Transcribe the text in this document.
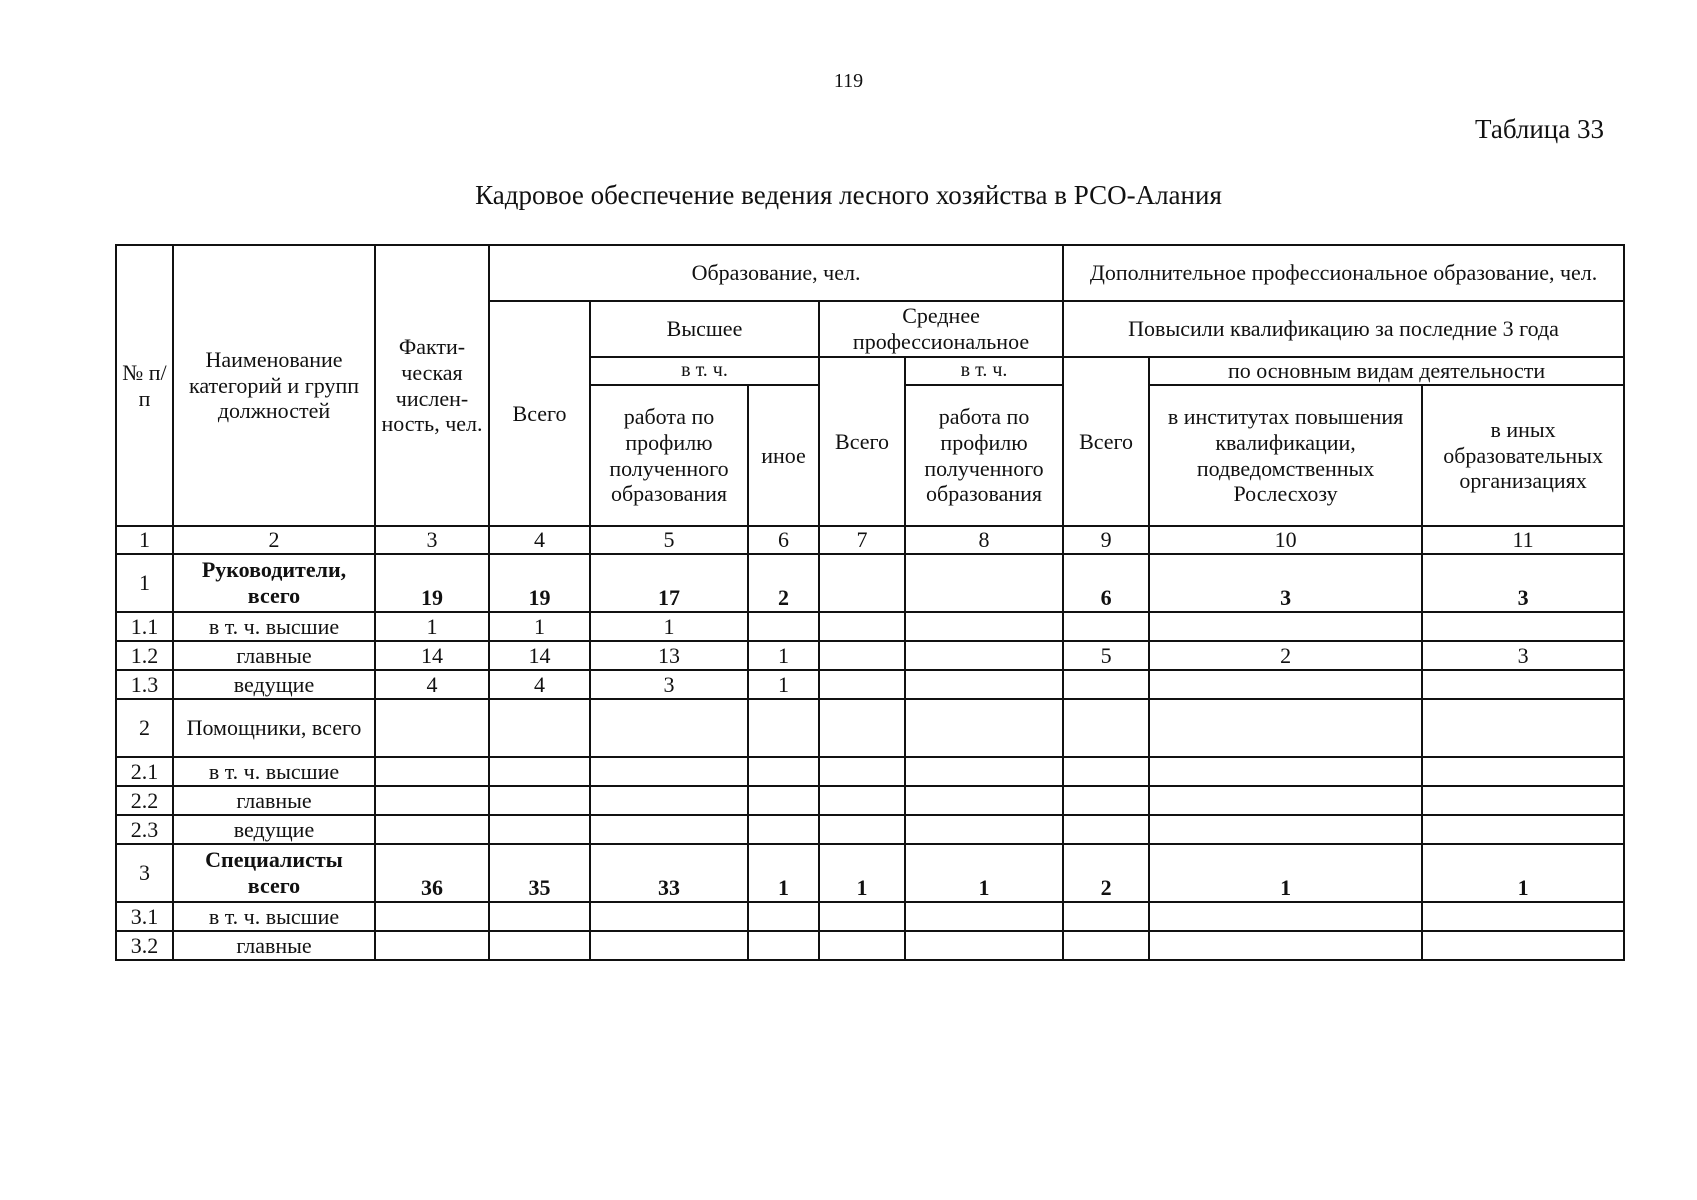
119
Таблица 33
Кадровое обеспечение ведения лесного хозяйства в РСО-Алания
№ п/п	Наименование категорий и групп должностей	Факти-ческая числен-ность, чел.	Образование, чел.					Дополнительное профессиональное образование, чел.		
			Всего	Высшее		Среднее профессиональное		Повысили квалификацию за последние 3 года		
				в т. ч.		Всего	в т. ч.	Всего	по основным видам деятельности	
				работа по профилю полученного образования	иное		работа по профилю полученного образования		в институтах повышения квалификации, подведомственных Рослесхозу	в иных образовательных организациях
1	2	3	4	5	6	7	8	9	10	11
1	Руководители, всего	19	19	17	2			6	3	3
1.1	в т. ч. высшие	1	1	1						
1.2	главные	14	14	13	1			5	2	3
1.3	ведущие	4	4	3	1					
2	Помощники, всего									
2.1	в т. ч. высшие									
2.2	главные									
2.3	ведущие									
3	Специалисты всего	36	35	33	1	1	1	2	1	1
3.1	в т. ч. высшие									
3.2	главные									
